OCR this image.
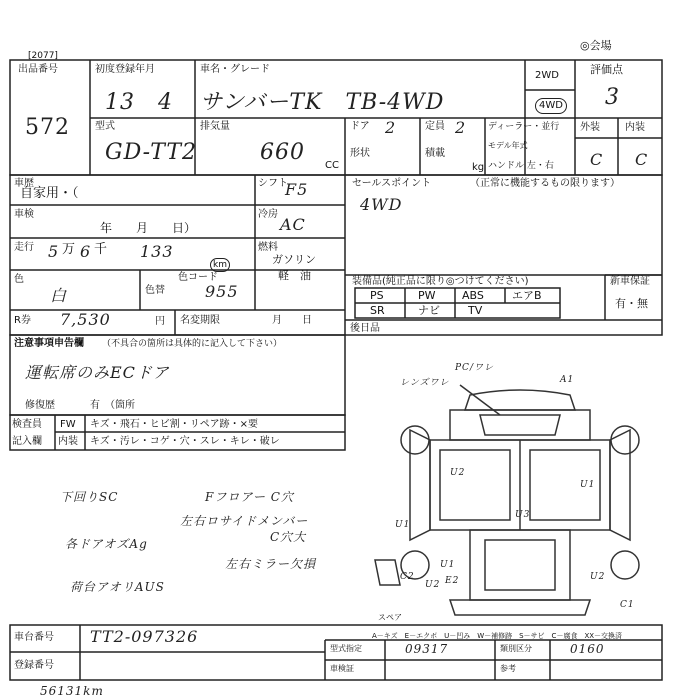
[2077]
◎会場
出品番号
572
初度登録年月	車名・グレード
13　4 サンバーTK　TB-4WD
2WD
4WD
評価点
3
型式
GD-TT2
排気量
660
CC
ドア 2	定員 2 ディーラー・並行
形状	積載
kg
モデル年式
ハンドル 左・右
外装	内装
C C
車歴
自家用・（
シフト
F5	セールスポイント	（正常に機能するもの限ります）
4WD
車検
年　　月　　日）
冷房
AC
走行 5 万 6 千 133
km
燃料
ガソリン
軽　油
色
白	色替
色コード
955
装備品(純正品に限り◎つけてください)	新車保証
有・無
PS	PW ABS	エアB
SR	ナビ	TV
R券 7,530	円 名変期限	月　　日
後日品
注意事項申告欄 （不具合の箇所は具体的に記入して下さい）
運転席のみECドア
修復歴	有　（箇所
検査員
記入欄
FW キズ・飛石・ヒビ割・リペア跡・×要
内装 キズ・汚レ・コゲ・穴・スレ・キレ・破レ
下回りSC	Fフロアー C穴
左右ロサイドメンバー
C穴大
各ドアオズAg
左右ミラー欠損
荷台アオリAUS
レンズワレ
PC/ワレ
A1
U2
U1
U3
U1
U2
U2
C2	E2
U1
C1
スペア
A－キズ　E－エクボ　U－凹み　W－補修跡　S－サビ　C－腐食　XX－交換済
車台番号 TT2-097326
登録番号
型式指定
車検証
09317	類別区分
参考
0160
56131km
